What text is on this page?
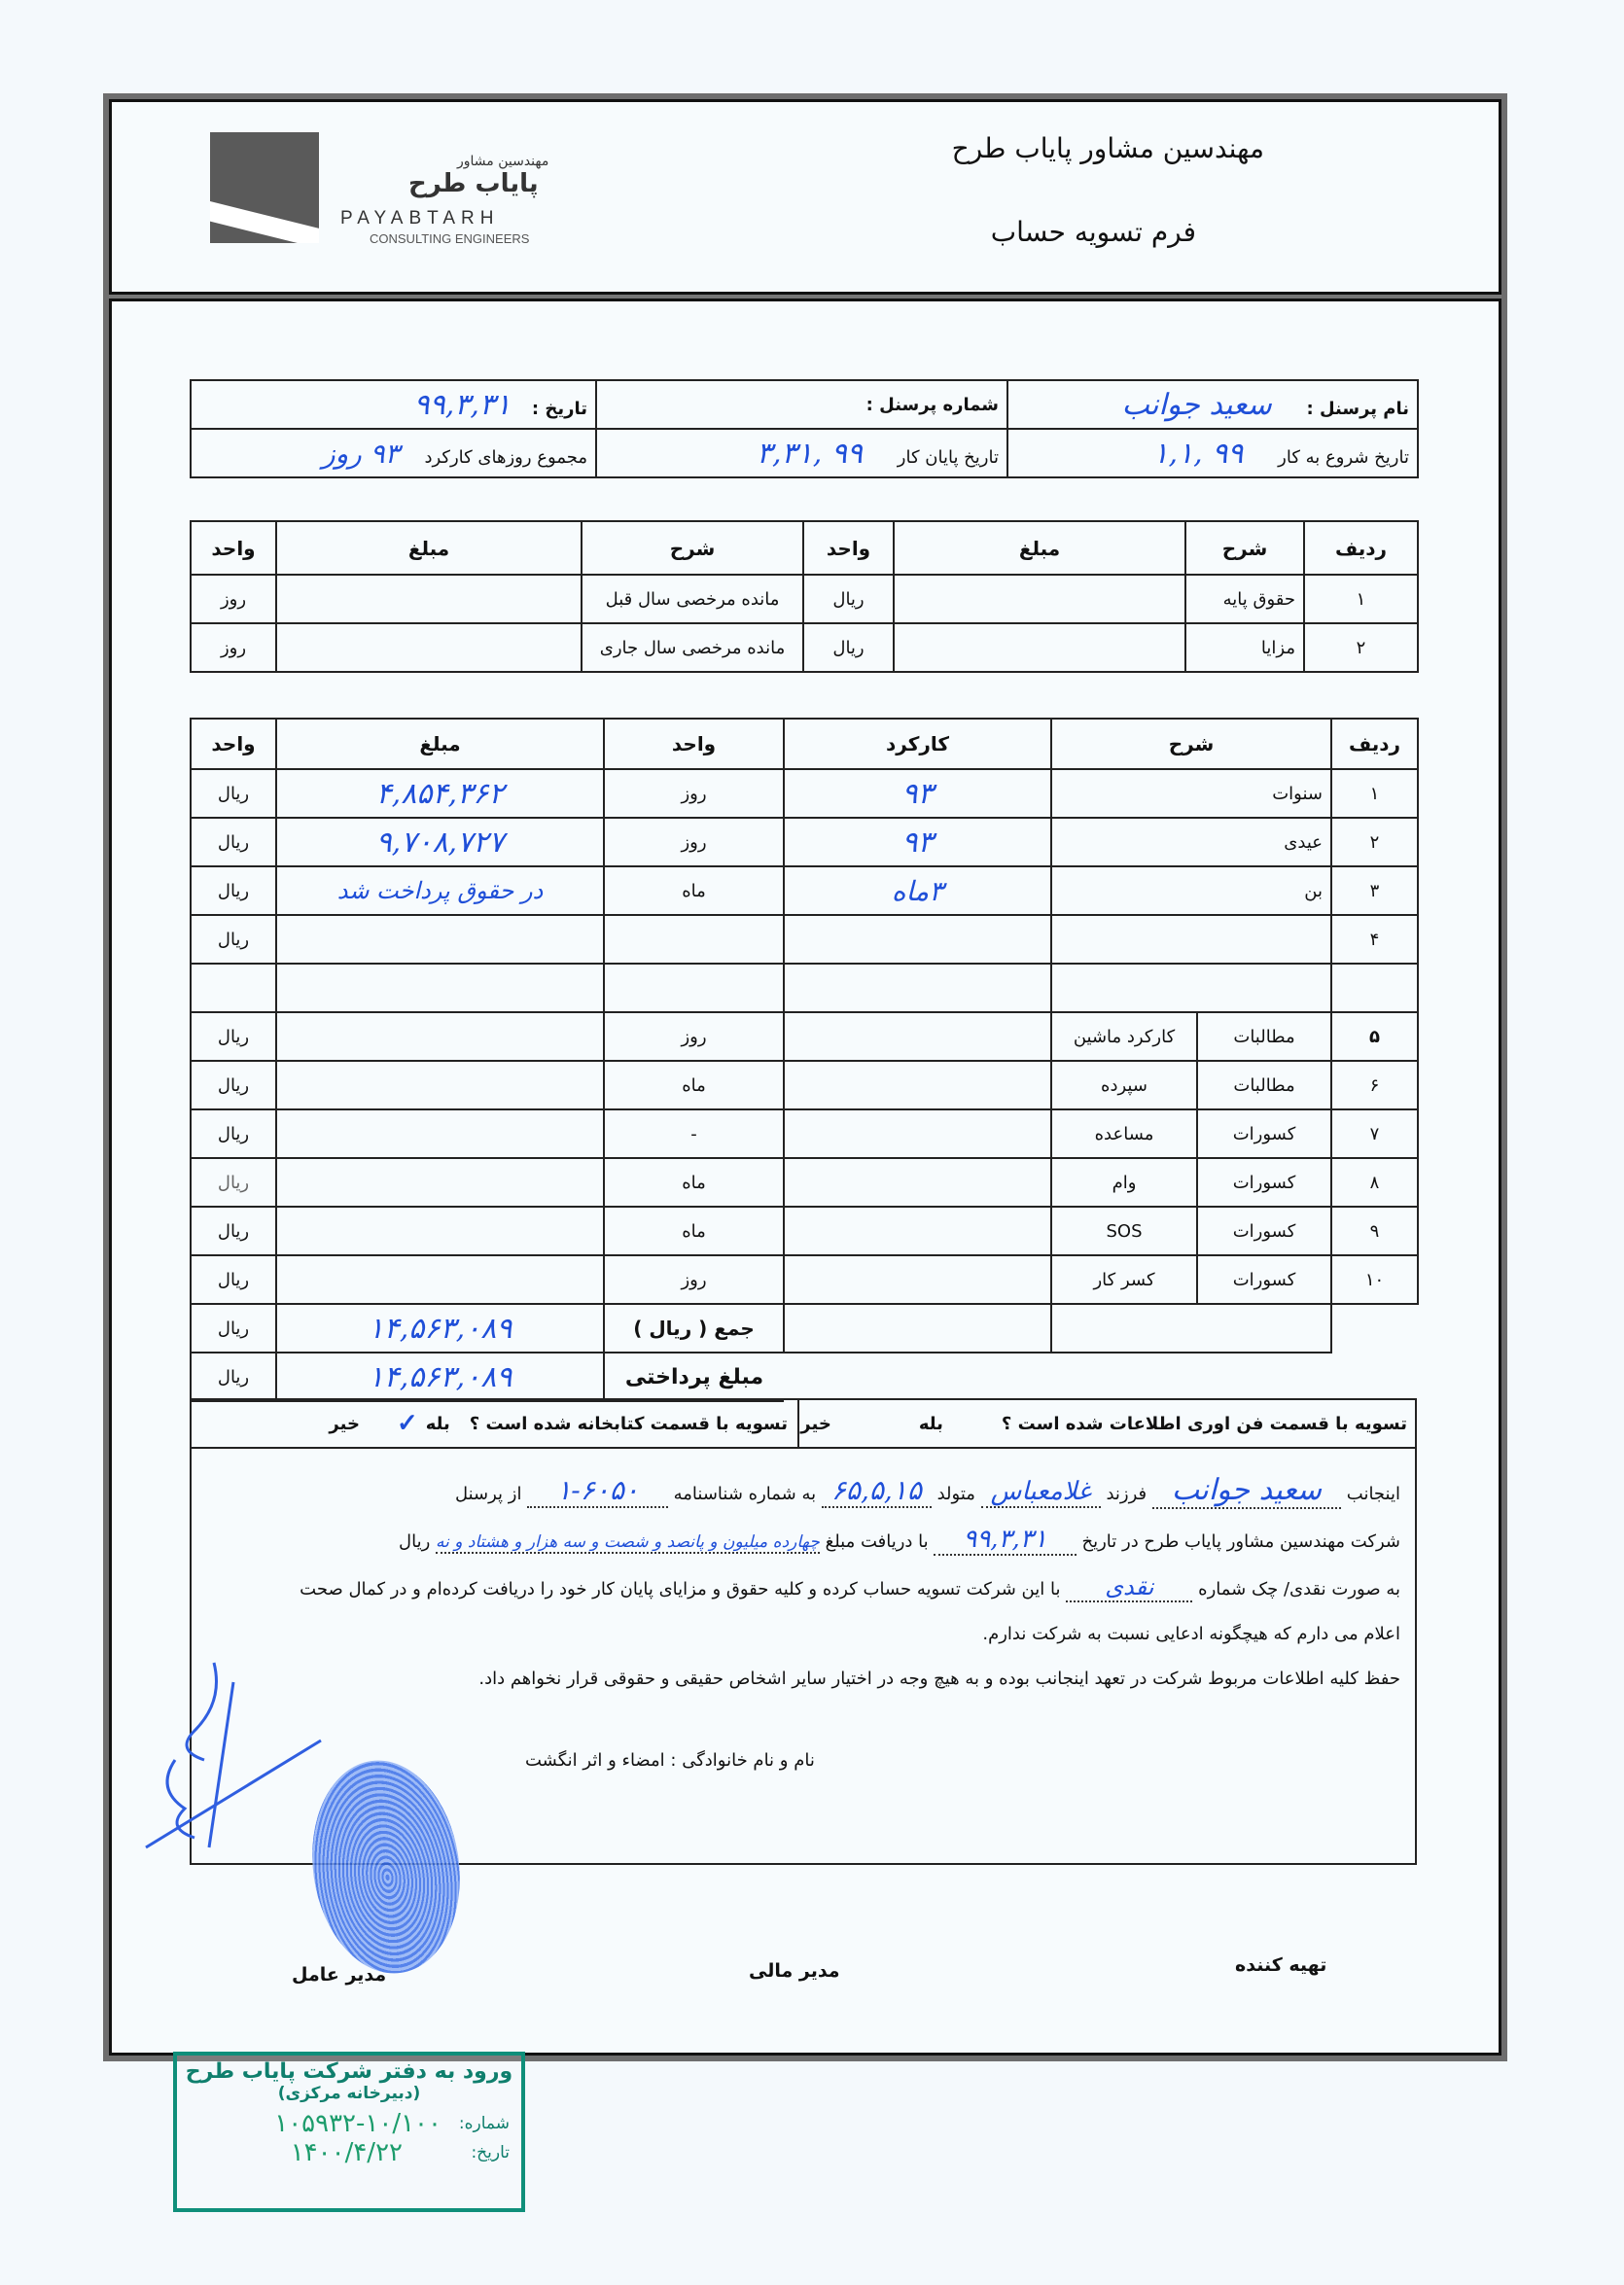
مهندسین مشاور
پایاب طرح
PAYABTARH
CONSULTING ENGINEERS
مهندسین مشاور پایاب طرح
فرم تسویه حساب
نام پرسنل : سعید جوانب	شماره پرسنل :	تاریخ : ۹۹,۳,۳۱
تاریخ شروع به کار ۹۹ ,۱,۱	تاریخ پایان کار ۹۹ ,۳,۳۱	مجموع روزهای کارکرد ۹۳ روز
ردیف	شرح	مبلغ	واحد	شرح	مبلغ	واحد
۱	حقوق پایه		ریال	مانده مرخصی سال قبل		روز
۲	مزایا		ریال	مانده مرخصی سال جاری		روز
ردیف	شرح		کارکرد	واحد	مبلغ	واحد
۱	سنوات		۹۳	روز	۴,۸۵۴,۳۶۲	ریال
۲	عیدی		۹۳	روز	۹,۷۰۸,۷۲۷	ریال
۳	بن		۳ماه	ماه	در حقوق پرداخت شد	ریال
۴						ریال

۵	مطالبات	کارکرد ماشین		روز		ریال
۶	مطالبات	سپرده		ماه		ریال
۷	کسورات	مساعده		-		ریال
۸	کسورات	وام		ماه		ریال
۹	کسورات	SOS		ماه		ریال
۱۰	کسورات	کسر کار		روز		ریال
				جمع ( ریال )	۱۴,۵۶۳,۰۸۹	ریال
				مبلغ پرداختی	۱۴,۵۶۳,۰۸۹	ریال
تسویه با قسمت فن اوری اطلاعات شده است ؟
بله
خیر
تسویه با قسمت کتابخانه شده است ؟
بله
✓
خیر
اینجانب سعید جوانب فرزند غلامعباس متولد ۶۵,۵,۱۵ به شماره شناسنامه ۶۰۵۰-۱ از پرسنل
شرکت مهندسین مشاور پایاب طرح در تاریخ ۹۹,۳,۳۱ با دریافت مبلغ چهارده میلیون و پانصد و شصت و سه هزار و هشتاد و نه ریال
به صورت نقدی/ چک شماره نقدی با این شرکت تسویه حساب کرده و کلیه حقوق و مزایای پایان کار خود را دریافت کرده‌ام و در کمال صحت
اعلام می دارم که هیچگونه ادعایی نسبت به شرکت ندارم.
حفظ کلیه اطلاعات مربوط شرکت در تعهد اینجانب بوده و به هیچ وجه در اختیار سایر اشخاص حقیقی و حقوقی قرار نخواهم داد.
نام و نام خانوادگی : امضاء و اثر انگشت
تهیه کننده
مدیر مالی
مدیر عامل
ورود به دفتر شرکت پایاب طرح
(دبیرخانه مرکزی)
شماره:
۱۰۵۹۳۲-۱۰/۱۰۰
تاریخ:
۱۴۰۰/۴/۲۲
